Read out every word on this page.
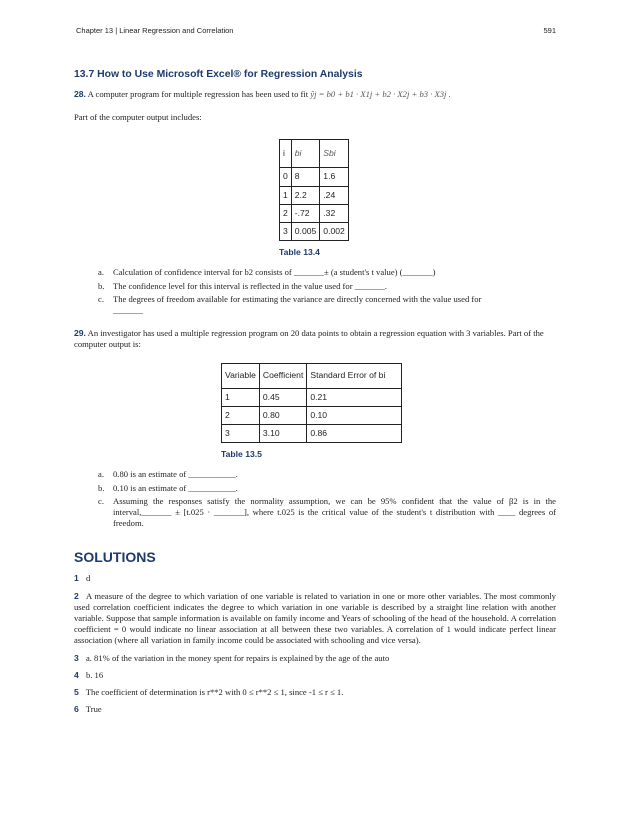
Chapter 13 | Linear Regression and Correlation	591
13.7 How to Use Microsoft Excel® for Regression Analysis

28. A computer program for multiple regression has been used to fit ŷj = b0 + b1 · X1j + b2 · X2j + b3 · X3j .

Part of the computer output includes:

i	bi	Sbi
0	8	1.6
1	2.2	.24
2	-.72	.32
3	0.005	0.002
Table 13.4
a. Calculation of confidence interval for b2 consists of _______± (a student's t value) (_______)
b. The confidence level for this interval is reflected in the value used for _______.
c. The degrees of freedom available for estimating the variance are directly concerned with the value used for
_______

29. An investigator has used a multiple regression program on 20 data points to obtain a regression equation with 3 variables. Part of the computer output is:

Variable	Coefficient	Standard Error of bi
1	0.45	0.21
2	0.80	0.10
3	3.10	0.86
Table 13.5
a. 0.80 is an estimate of ___________.
b. 0.10 is an estimate of ___________.
c. Assuming the responses satisfy the normality assumption, we can be 95% confident that the value of β2 is in the interval,_______ ± [t.025 · _______], where t.025 is the critical value of the student's t distribution with ____ degrees of freedom.
SOLUTIONS
1 d
2 A measure of the degree to which variation of one variable is related to variation in one or more other variables. The most commonly used correlation coefficient indicates the degree to which variation in one variable is described by a straight line relation with another variable. Suppose that sample information is available on family income and Years of schooling of the head of the household. A correlation coefficient = 0 would indicate no linear association at all between these two variables. A correlation of 1 would indicate perfect linear association (where all variation in family income could be associated with schooling and vice versa).
3 a. 81% of the variation in the money spent for repairs is explained by the age of the auto
4 b. 16
5 The coefficient of determination is r**2 with 0 ≤ r**2 ≤ 1, since -1 ≤ r ≤ 1.
6 True
